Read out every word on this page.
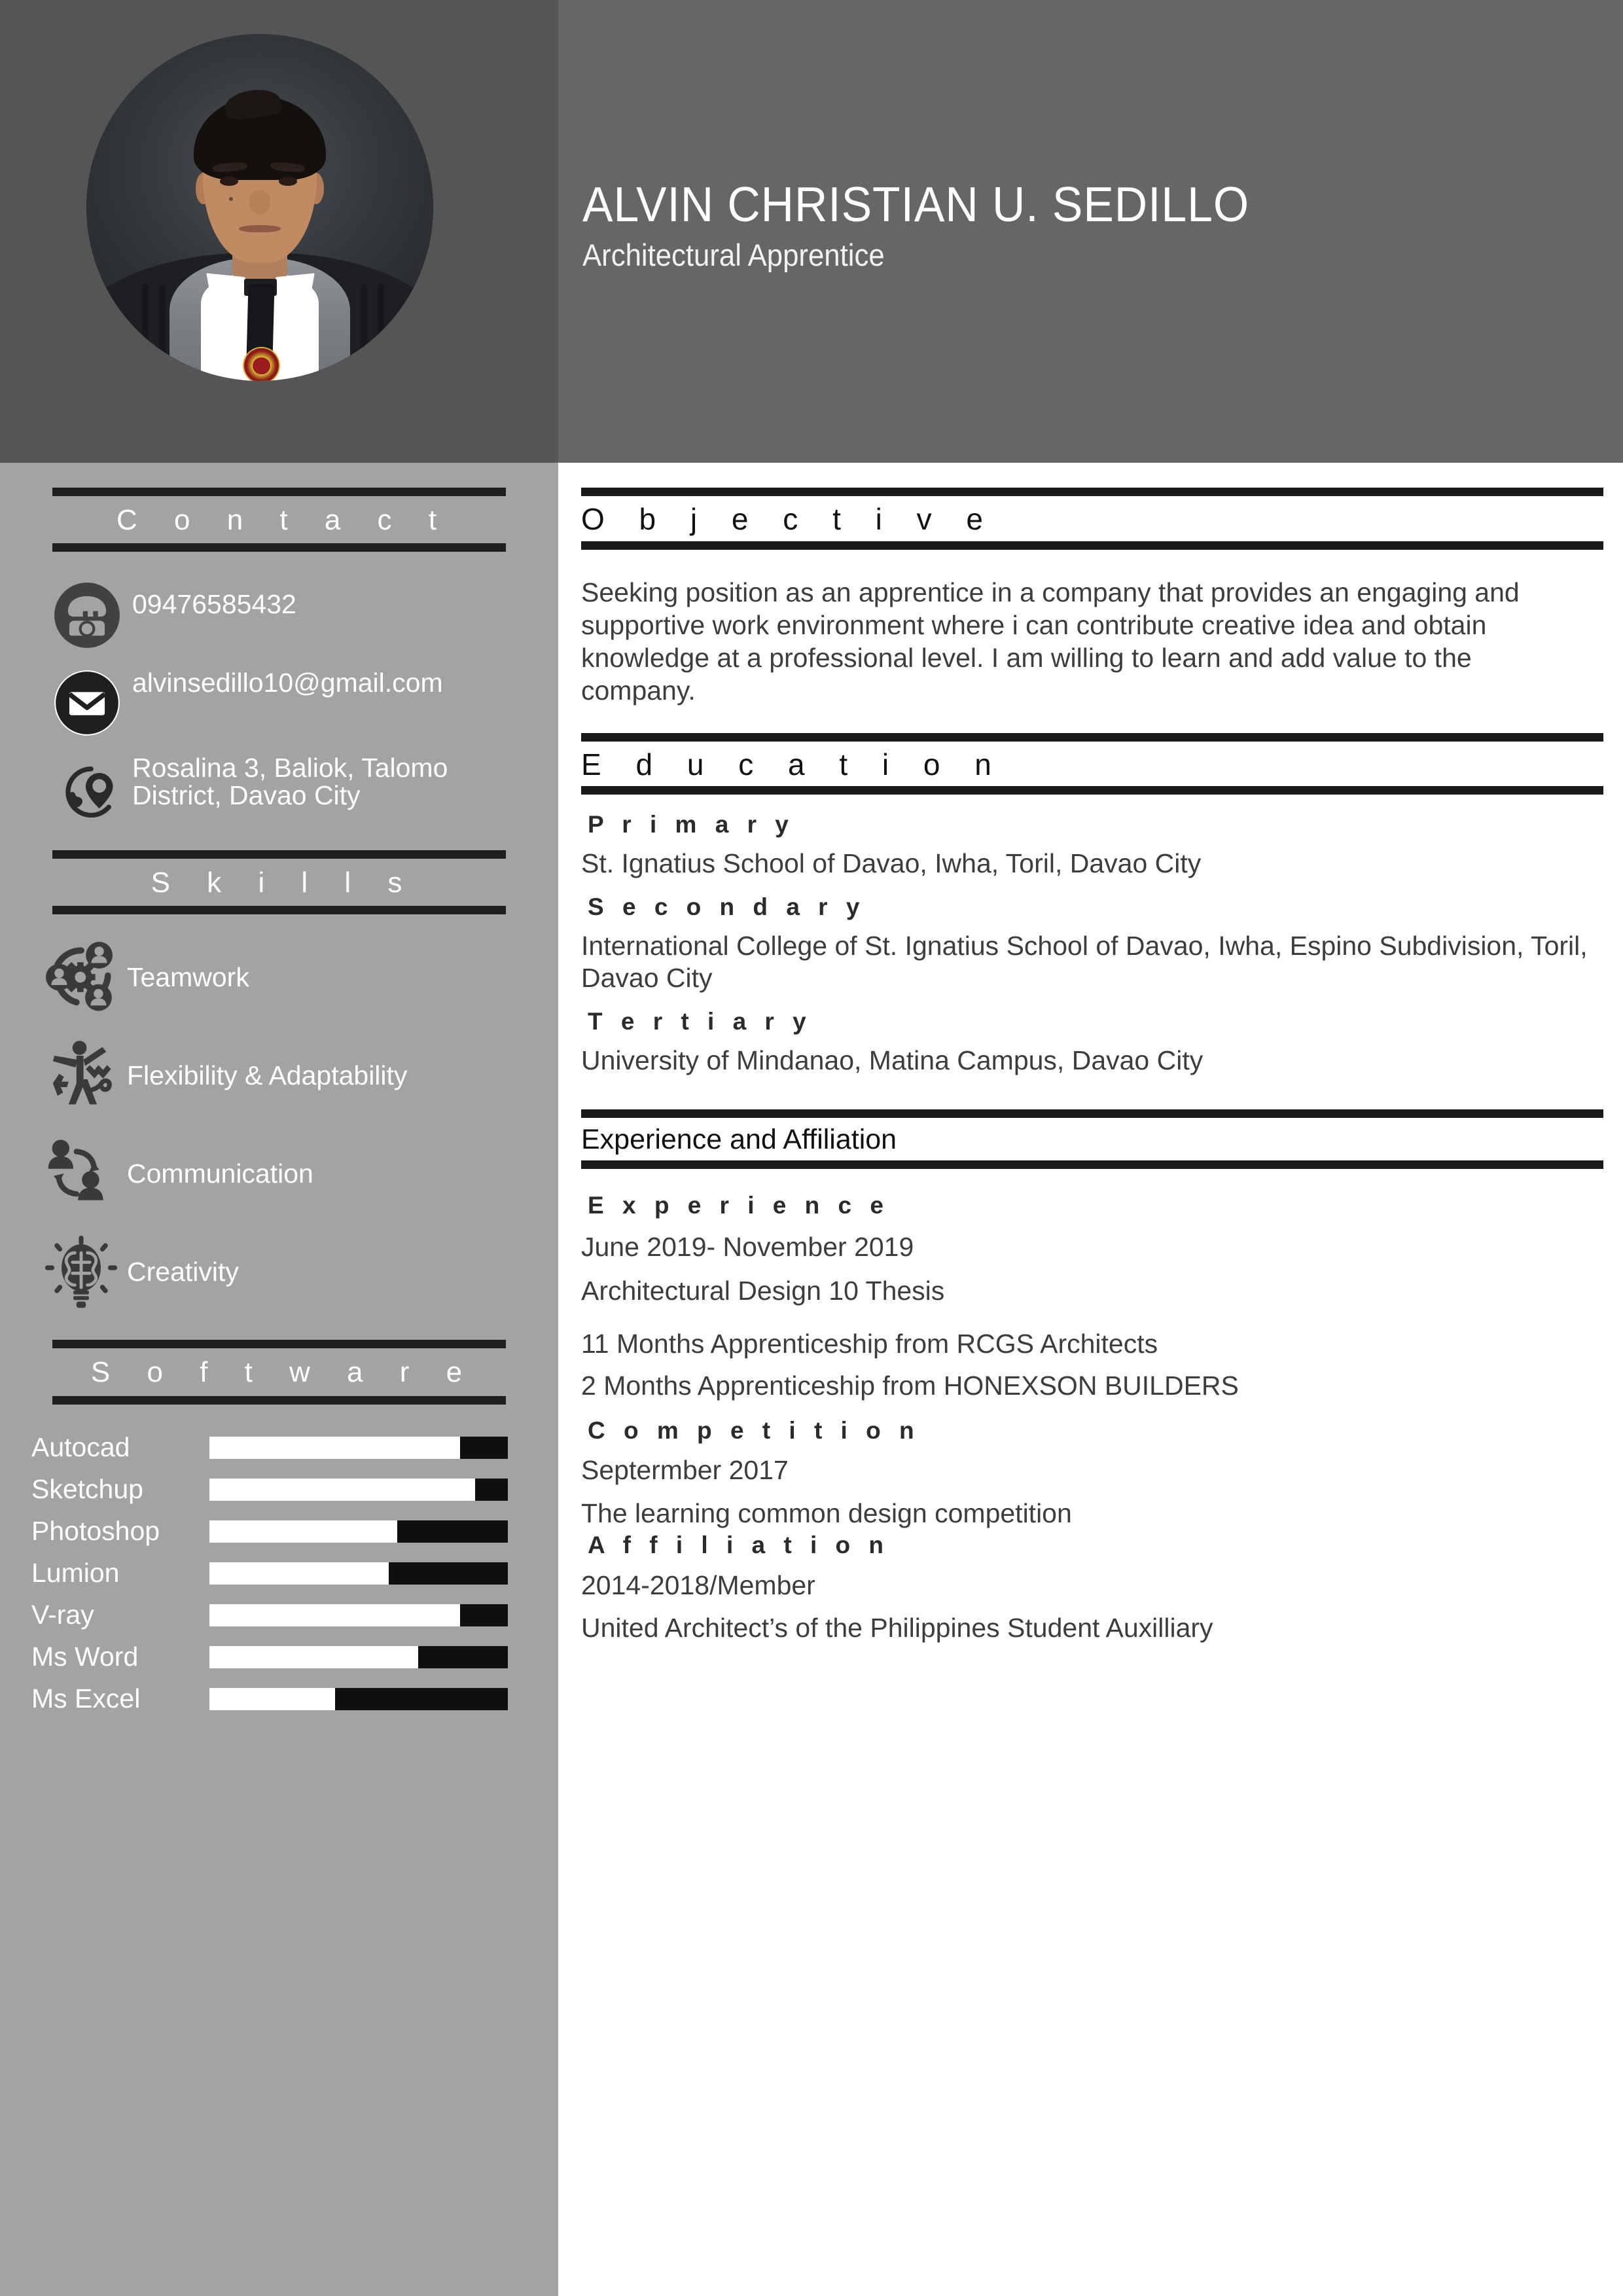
ALVIN CHRISTIAN U. SEDILLO
Architectural Apprentice
C o n t a c t
09476585432
alvinsedillo10@gmail.com
Rosalina 3, Baliok, Talomo District, Davao City
S k i l l s
Teamwork
Flexibility & Adaptability
Communication
Creativity
S o f t w a r e
Autocad
Sketchup
Photoshop
Lumion
V-ray
Ms Word
Ms Excel
O b j e c t i v e
Seeking position as an apprentice in a company that provides an engaging and supportive work environment where i can contribute creative idea and obtain knowledge at a professional level. I am willing to learn and add value to the company.
E d u c a t i o n
P r i m a r y
St. Ignatius School of Davao, Iwha, Toril, Davao City
S e c o n d a r y
International College of St. Ignatius School of Davao, Iwha, Espino Subdivision, Toril, Davao City
T e r t i a r y
University of Mindanao, Matina Campus, Davao City
Experience and Affiliation
E x p e r i e n c e
June 2019- November 2019
Architectural Design 10 Thesis
11 Months Apprenticeship from RCGS Architects
2 Months Apprenticeship from HONEXSON BUILDERS
C o m p e t i t i o n
Septermber 2017
The learning common design competition
A f f i l i a t i o n
2014-2018/Member
United Architect’s of the Philippines Student Auxilliary
